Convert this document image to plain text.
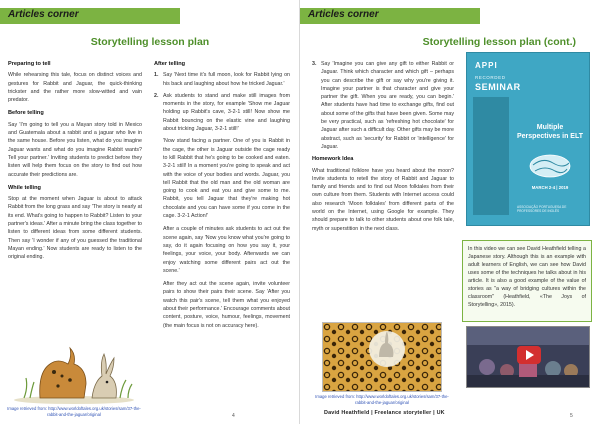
Articles corner
Storytelling lesson plan
Preparing to tell

While rehearsing this tale, focus on distinct voices and gestures for Rabbit and Jaguar, the quick-thinking trickster and the rather more slow-witted and vain predator.

Before telling

Say 'I'm going to tell you a Mayan story told in Mexico and Guatemala about a rabbit and a jaguar who live in the same house. Before you listen, what do you imagine Jaguar wants and what do you imagine Rabbit wants? Tell your partner.' Inviting students to predict before they listen will help them focus on the story to find out how accurate their predictions are.

While telling

Stop at the moment when Jaguar is about to attack Rabbit from the long grass and say 'The story is nearly at its end. What's going to happen to Rabbit? Listen to your partner's ideas.' After a minute bring the class together to listen to different ideas from some different students. Then say 'I wonder if any of you guessed the traditional Mayan ending.' Now students are ready to listen to the original ending.

Image retrieved from: http://www.worldoftales.org.uk/stories/sam/37-the-rabbit-and-the-jaguar/original
After telling
1. Say 'Next time it's full moon, look for Rabbit lying on his back and laughing about how he tricked Jaguar.'
2. Ask students to stand and make still images from moments in the story, for example 'Show me Jaguar holding up Rabbit's cave, 3-2-1 still! Now show me Rabbit bouncing on the elastic vine and laughing about tricking Jaguar, 3-2-1 still!'

'Now stand facing a partner. One of you is Rabbit in the cage, the other is Jaguar outside the cage ready to kill Rabbit that he's going to be cooked and eaten. 3-2-1 still! In a moment you're going to speak and act with the voice of your bodies and words. Jaguar, you tell Rabbit that the old man and the old woman are going to cook and eat you and give some to me. Rabbit, you tell Jaguar that they're making hot chocolate and you can have some if you come in the cage. 3-2-1 Action!'

After a couple of minutes ask students to act out the scene again, say 'Now you know what you're going to say, do it again focusing on how you say it, your feelings, your voice, your body. Afterwards we can enjoy watching some different pairs act out the scene.'

After they act out the scene again, invite volunteer pairs to show their pairs their scene. Say 'After you watch this pair's scene, tell them what you enjoyed about their performance.' Encourage comments about content, posture, voice, humour, feelings, movement (the main focus is not on accuracy here).

4
Articles corner
Storytelling lesson plan (cont.)
3. Say 'Imagine you can give any gift to either Rabbit or Jaguar. Think which character and which gift – perhaps you can describe the gift or say why you're giving it. Imagine your partner is that character and give your partner the gift. When you are ready, you can begin.' After students have had time to exchange gifts, find out about some of the gifts that have been given. Some may be very practical, such as 'refreshing hot chocolate' for Jaguar after such a difficult day. Other gifts may be more abstract, such as 'security' for Rabbit or 'intelligence' for Jaguar.
Homework Idea

What traditional folklore have you heard about the moon? Invite students to retell the story of Rabbit and Jaguar to family and friends and to find out Moon folktales from their own culture from them. Students with Internet access could also research 'Moon folktales' from different parts of the world on the Internet, using Google for example. They should prepare to talk to other students about one folk tale, myth or superstition in the next class.

Image retrieved from: http://www.worldoftales.org.uk/stories/sam/37-the-rabbit-and-the-jaguar/original
APPI
RECORDED
SEMINAR
Multiple Perspectives in ELT
MARCH 2-4 | 2019
ASSOCIAÇÃO PORTUGUESA DE PROFESSORES DE INGLÊS
In this video we can see David Heathfield telling a Japanese story. Although this is an example with adult learners of English, we can see how David uses some of the techniques he talks about in his article. It is also a good example of the value of stories as "a way of bridging cultures within the classroom" (Heathfield, «The Joys of Storytelling», 2015).
David Heathfield | Freelance storyteller | UK	5
